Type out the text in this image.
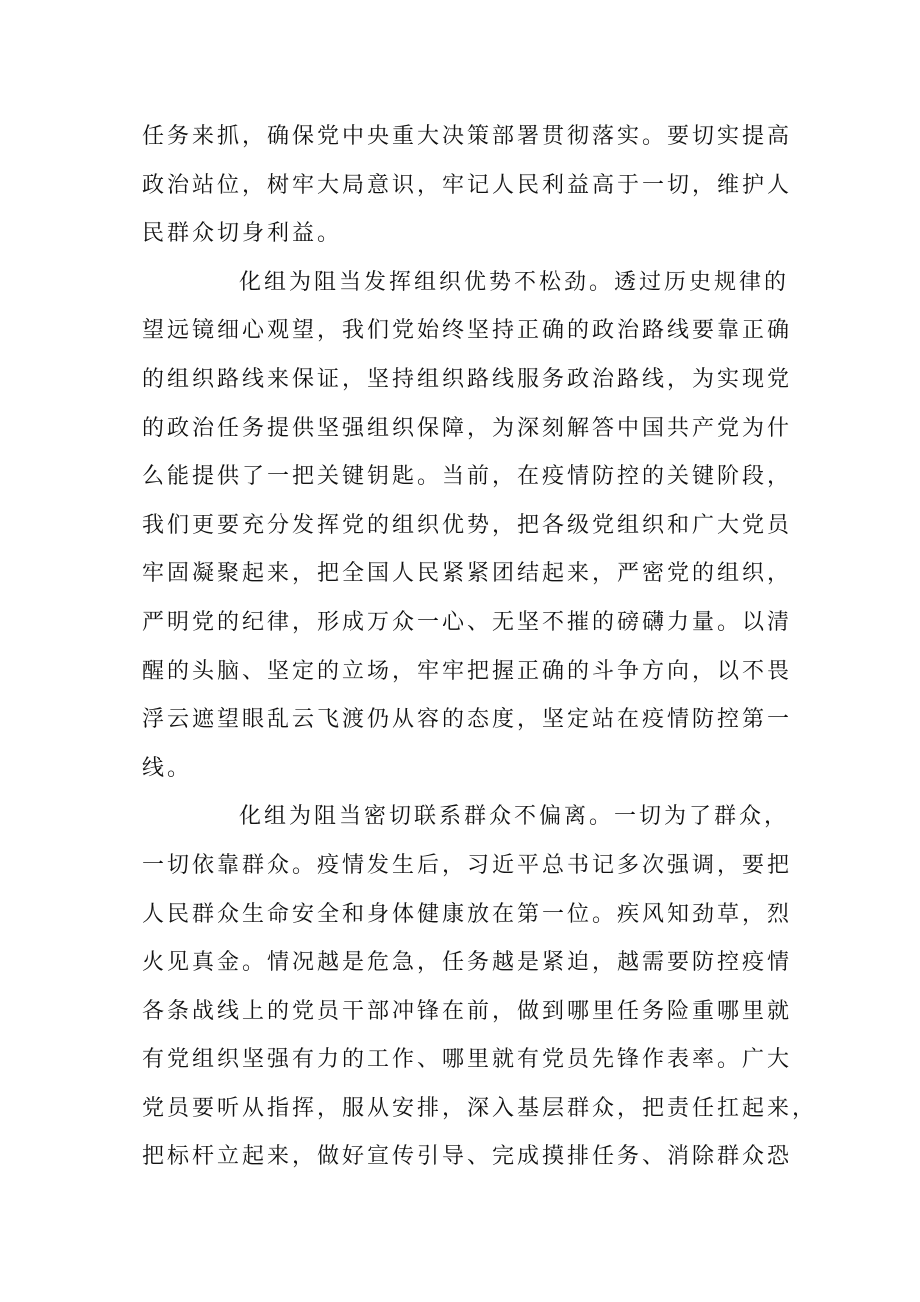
任务来抓，确保党中央重大决策部署贯彻落实。要切实提高
政治站位，树牢大局意识，牢记人民利益高于一切，维护人
民群众切身利益。
化组为阻当发挥组织优势不松劲。透过历史规律的
望远镜细心观望，我们党始终坚持正确的政治路线要靠正确
的组织路线来保证，坚持组织路线服务政治路线，为实现党
的政治任务提供坚强组织保障，为深刻解答中国共产党为什
么能提供了一把关键钥匙。当前，在疫情防控的关键阶段，
我们更要充分发挥党的组织优势，把各级党组织和广大党员
牢固凝聚起来，把全国人民紧紧团结起来，严密党的组织，
严明党的纪律，形成万众一心、无坚不摧的磅礴力量。以清
醒的头脑、坚定的立场，牢牢把握正确的斗争方向，以不畏
浮云遮望眼乱云飞渡仍从容的态度，坚定站在疫情防控第一
线。
化组为阻当密切联系群众不偏离。一切为了群众，
一切依靠群众。疫情发生后，习近平总书记多次强调，要把
人民群众生命安全和身体健康放在第一位。疾风知劲草，烈
火见真金。情况越是危急，任务越是紧迫，越需要防控疫情
各条战线上的党员干部冲锋在前，做到哪里任务险重哪里就
有党组织坚强有力的工作、哪里就有党员先锋作表率。广大
党员要听从指挥，服从安排，深入基层群众，把责任扛起来，
把标杆立起来，做好宣传引导、完成摸排任务、消除群众恐
